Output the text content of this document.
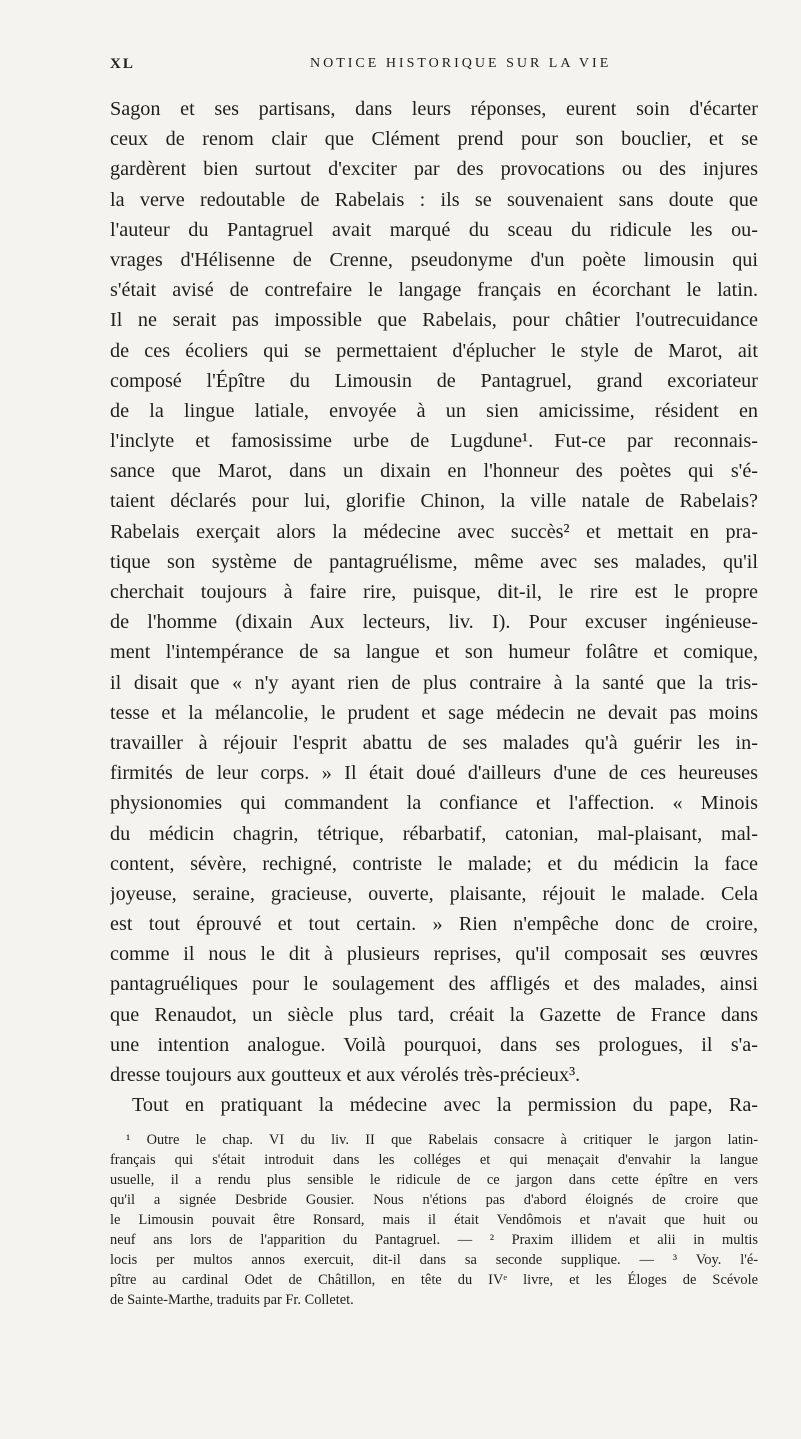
XL	NOTICE HISTORIQUE SUR LA VIE
Sagon et ses partisans, dans leurs réponses, eurent soin d'écarter
ceux de renom clair que Clément prend pour son bouclier, et se
gardèrent bien surtout d'exciter par des provocations ou des injures
la verve redoutable de Rabelais : ils se souvenaient sans doute que
l'auteur du Pantagruel avait marqué du sceau du ridicule les ou-
vrages d'Hélisenne de Crenne, pseudonyme d'un poète limousin qui
s'était avisé de contrefaire le langage français en écorchant le latin.
Il ne serait pas impossible que Rabelais, pour châtier l'outrecuidance
de ces écoliers qui se permettaient d'éplucher le style de Marot, ait
composé l'Épître du Limousin de Pantagruel, grand excoriateur
de la lingue latiale, envoyée à un sien amicissime, résident en
l'inclyte et famosissime urbe de Lugdune¹. Fut-ce par reconnais-
sance que Marot, dans un dixain en l'honneur des poètes qui s'é-
taient déclarés pour lui, glorifie Chinon, la ville natale de Rabelais?
Rabelais exerçait alors la médecine avec succès² et mettait en pra-
tique son système de pantagruélisme, même avec ses malades, qu'il
cherchait toujours à faire rire, puisque, dit-il, le rire est le propre
de l'homme (dixain Aux lecteurs, liv. I). Pour excuser ingénieuse-
ment l'intempérance de sa langue et son humeur folâtre et comique,
il disait que « n'y ayant rien de plus contraire à la santé que la tris-
tesse et la mélancolie, le prudent et sage médecin ne devait pas moins
travailler à réjouir l'esprit abattu de ses malades qu'à guérir les in-
firmités de leur corps. » Il était doué d'ailleurs d'une de ces heureuses
physionomies qui commandent la confiance et l'affection. « Minois
du médicin chagrin, tétrique, rébarbatif, catonian, mal-plaisant, mal-
content, sévère, rechigné, contriste le malade; et du médicin la face
joyeuse, seraine, gracieuse, ouverte, plaisante, réjouit le malade. Cela
est tout éprouvé et tout certain. » Rien n'empêche donc de croire,
comme il nous le dit à plusieurs reprises, qu'il composait ses œuvres
pantagruéliques pour le soulagement des affligés et des malades, ainsi
que Renaudot, un siècle plus tard, créait la Gazette de France dans
une intention analogue. Voilà pourquoi, dans ses prologues, il s'a-
dresse toujours aux goutteux et aux vérolés très-précieux³.
Tout en pratiquant la médecine avec la permission du pape, Ra-
¹ Outre le chap. VI du liv. II que Rabelais consacre à critiquer le jargon latin-
français qui s'était introduit dans les colléges et qui menaçait d'envahir la langue
usuelle, il a rendu plus sensible le ridicule de ce jargon dans cette épître en vers
qu'il a signée Desbride Gousier. Nous n'étions pas d'abord éloignés de croire que
le Limousin pouvait être Ronsard, mais il était Vendômois et n'avait que huit ou
neuf ans lors de l'apparition du Pantagruel. — ² Praxim illidem et alii in multis
locis per multos annos exercuit, dit-il dans sa seconde supplique. — ³ Voy. l'é-
pître au cardinal Odet de Châtillon, en tête du IVᵉ livre, et les Éloges de Scévole
de Sainte-Marthe, traduits par Fr. Colletet.
